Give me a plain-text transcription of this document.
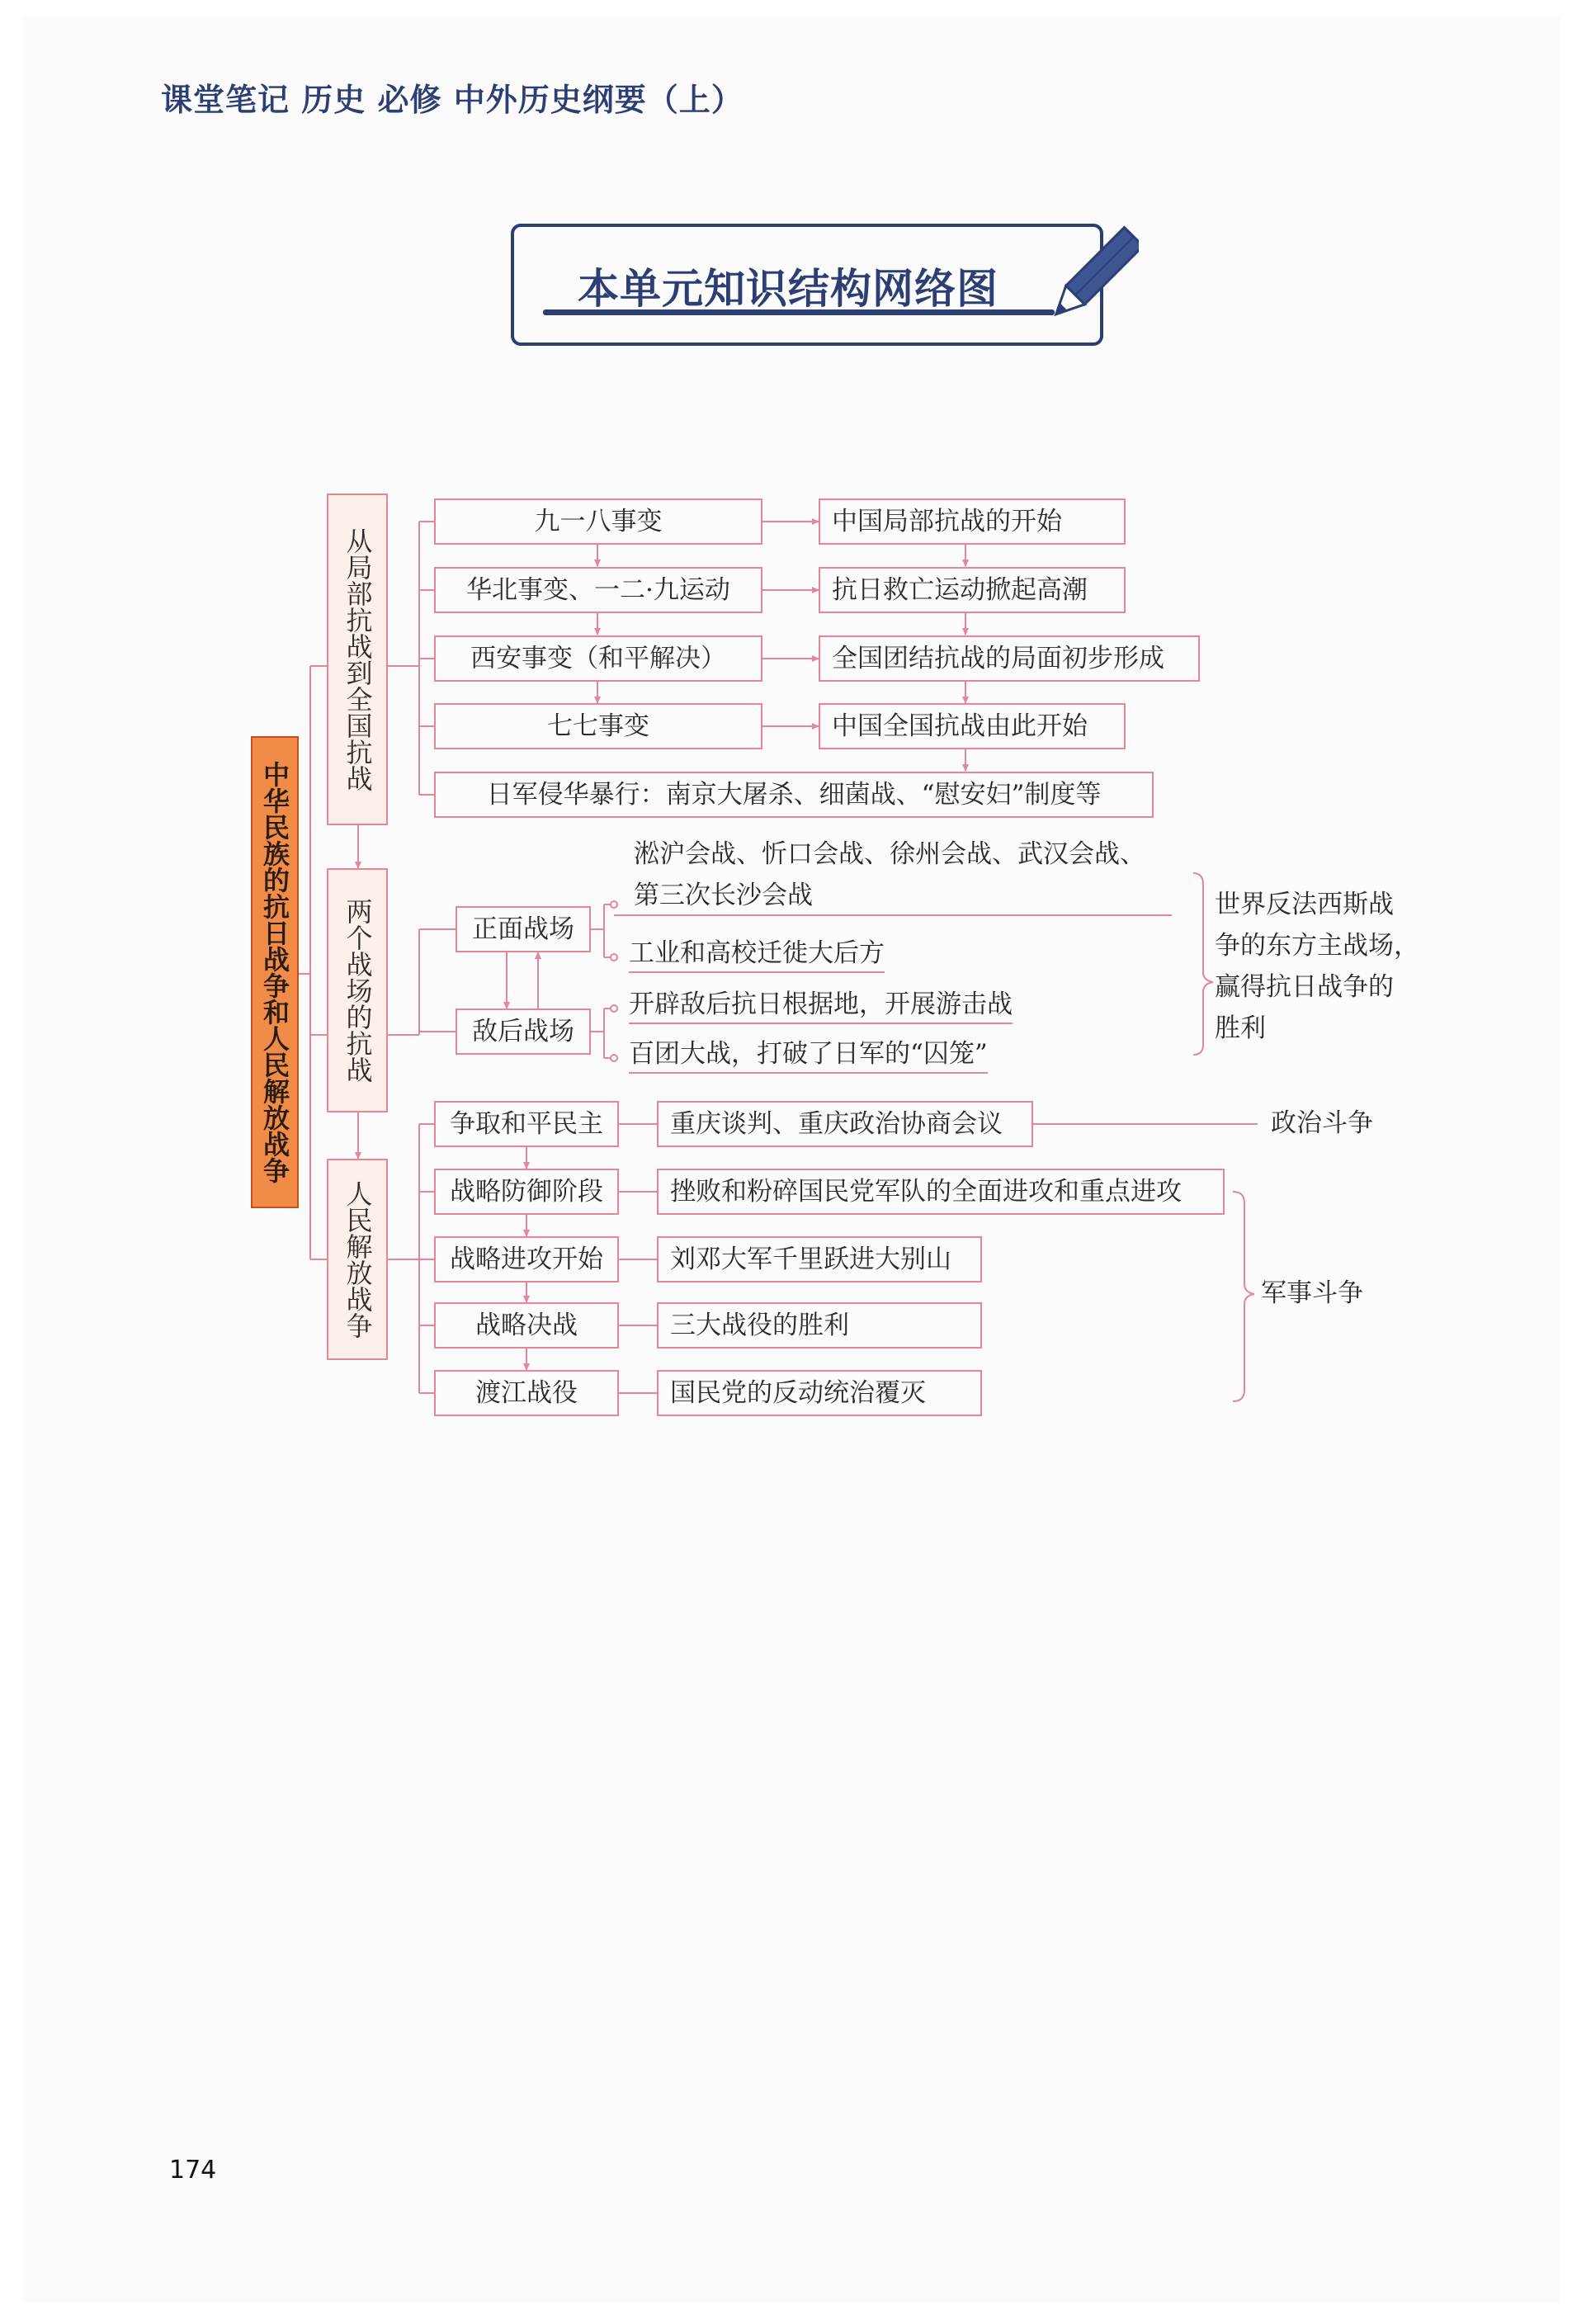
课堂笔记 历史 必修 中外历史纲要（上）
本单元知识结构网络图
中华民族的抗日战争和人民解放战争
从局部抗战到全国抗战
两个战场的抗战
人民解放战争
九一八事变
华北事变、一二·九运动
西安事变（和平解决）
七七事变
日军侵华暴行：南京大屠杀、细菌战、“慰安妇”制度等
中国局部抗战的开始
抗日救亡运动掀起高潮
全国团结抗战的局面初步形成
中国全国抗战由此开始
正面战场
敌后战场
淞沪会战、忻口会战、徐州会战、武汉会战、
第三次长沙会战
工业和高校迁徙大后方
开辟敌后抗日根据地，开展游击战
百团大战，打破了日军的“囚笼”
世界反法西斯战
争的东方主战场，
赢得抗日战争的
胜利
争取和平民主
战略防御阶段
战略进攻开始
战略决战
渡江战役
重庆谈判、重庆政治协商会议
挫败和粉碎国民党军队的全面进攻和重点进攻
刘邓大军千里跃进大别山
三大战役的胜利
国民党的反动统治覆灭
政治斗争
军事斗争
174
